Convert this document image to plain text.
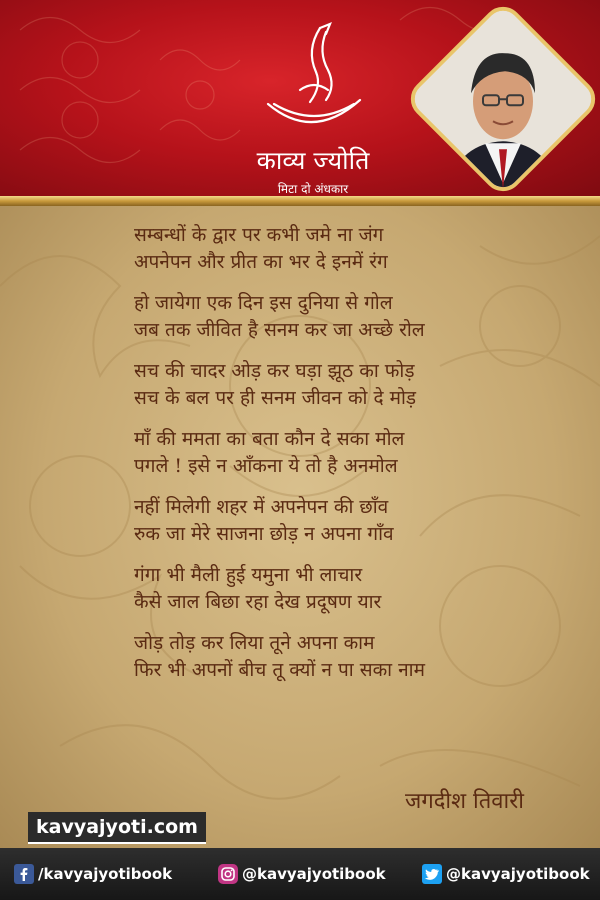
काव्य ज्योति
मिटा दो अंधकार
सम्बन्धों के द्वार पर कभी जमे ना जंग
अपनेपन और प्रीत का भर दे इनमें रंग
हो जायेगा एक दिन इस दुनिया से गोल
जब तक जीवित है सनम कर जा अच्छे रोल
सच की चादर ओड़ कर घड़ा झूठ का फोड़
सच के बल पर ही सनम जीवन को दे मोड़
माँ की ममता का बता कौन दे सका मोल
पगले ! इसे न आँकना ये तो है अनमोल
नहीं मिलेगी शहर में अपनेपन की छाँव
रुक जा मेरे साजना छोड़ न अपना गाँव
गंगा भी मैली हुई यमुना भी लाचार
कैसे जाल बिछा रहा देख प्रदूषण यार
जोड़ तोड़ कर लिया तूने अपना काम
फिर भी अपनों बीच तू क्यों न पा सका नाम
जगदीश तिवारी
kavyajyoti.com
/kavyajyotibook	@kavyajyotibook	@kavyajyotibook
